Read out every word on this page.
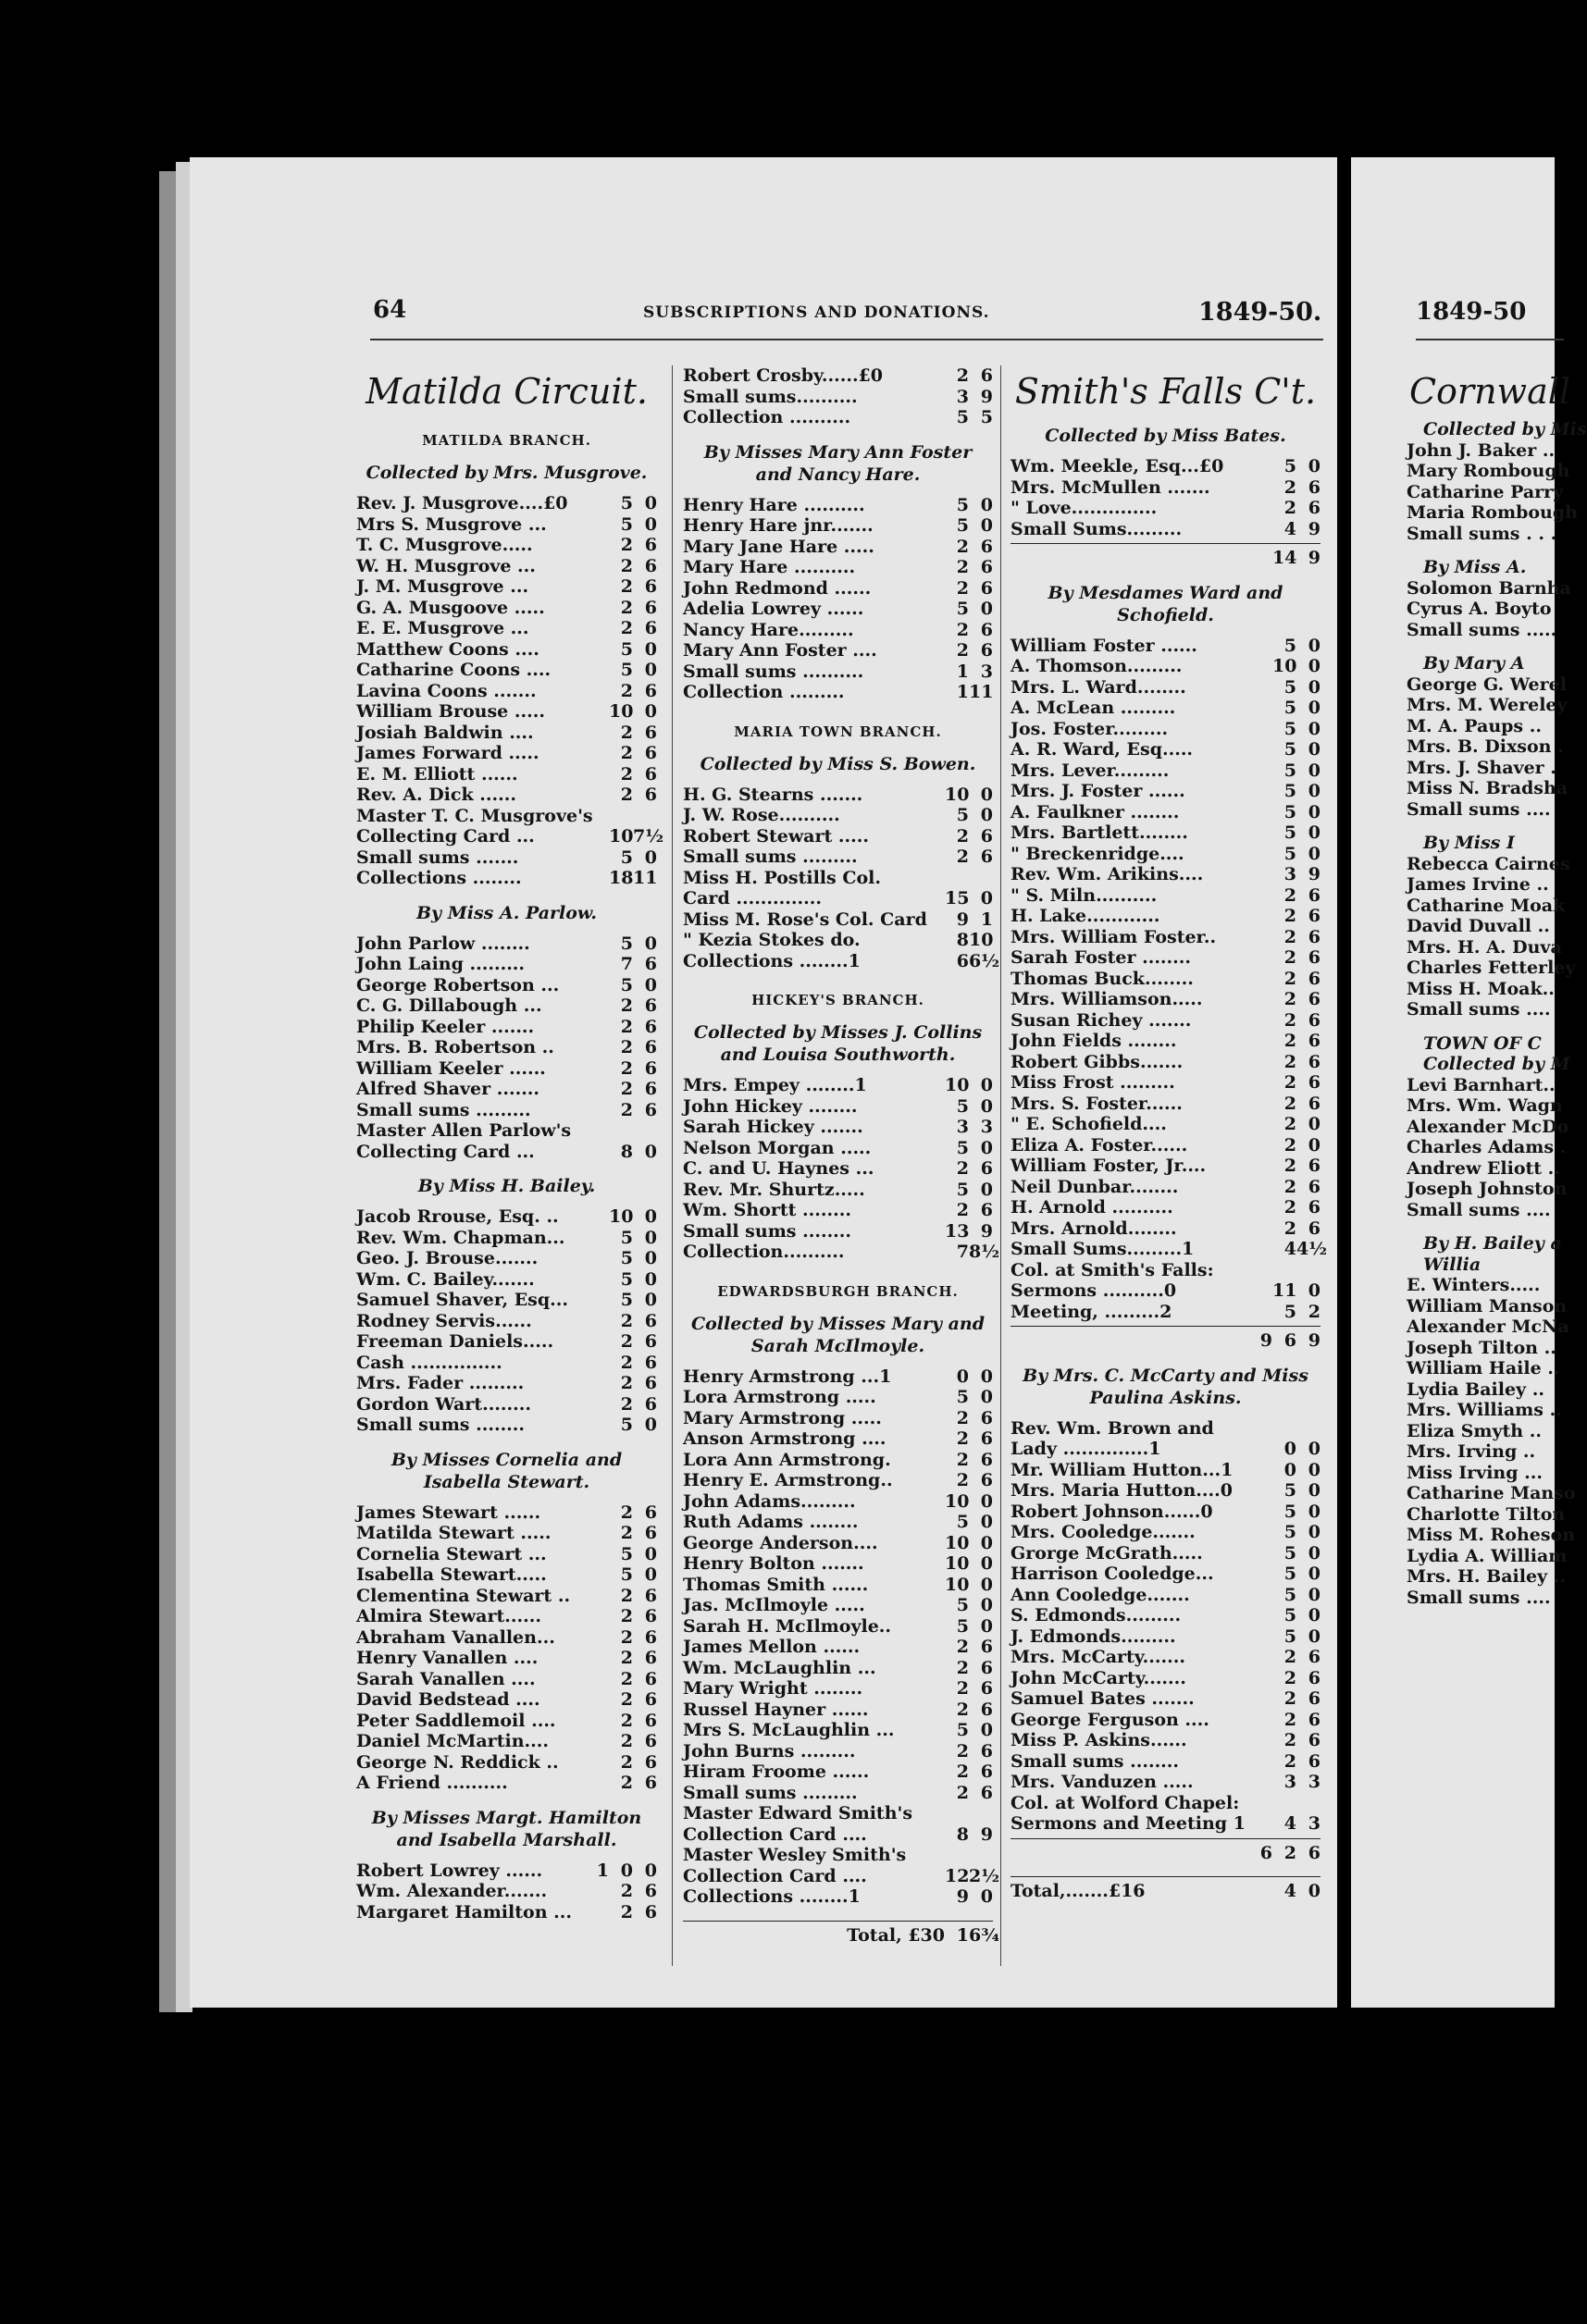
64	SUBSCRIPTIONS AND DONATIONS.	1849-50.
Matilda Circuit.
MATILDA BRANCH.
Collected by Mrs. Musgrove.
Rev. J. Musgrove....£0	5 0
Mrs S. Musgrove ...	5 0
T. C. Musgrove.....	2 6
W. H. Musgrove ...	2 6
J. M. Musgrove ...	2 6
G. A. Musgoove .....	2 6
E. E. Musgrove ...	2 6
Matthew Coons ....	5 0
Catharine Coons ....	5 0
Lavina Coons .......	2 6
William Brouse .....	10 0
Josiah Baldwin ....	2 6
James Forward .....	2 6
E. M. Elliott ......	2 6
Rev. A. Dick ......	2 6
Master T. C. Musgrove's
Collecting Card ...	10 7½
Small sums .......	5 0
Collections ........	18 11
By Miss A. Parlow.
John Parlow ........	5 0
John Laing .........	7 6
George Robertson ...	5 0
C. G. Dillabough ...	2 6
Philip Keeler .......	2 6
Mrs. B. Robertson ..	2 6
William Keeler ......	2 6
Alfred Shaver .......	2 6
Small sums .........	2 6
Master Allen Parlow's
Collecting Card ...	8 0
By Miss H. Bailey.
Jacob Rrouse, Esq. ..	10 0
Rev. Wm. Chapman...	5 0
Geo. J. Brouse.......	5 0
Wm. C. Bailey.......	5 0
Samuel Shaver, Esq...	5 0
Rodney Servis......	2 6
Freeman Daniels.....	2 6
Cash ...............	2 6
Mrs. Fader .........	2 6
Gordon Wart........	2 6
Small sums ........	5 0
By Misses Cornelia and Isabella Stewart.
James Stewart ......	2 6
Matilda Stewart .....	2 6
Cornelia Stewart ...	5 0
Isabella Stewart.....	5 0
Clementina Stewart ..	2 6
Almira Stewart......	2 6
Abraham Vanallen...	2 6
Henry Vanallen ....	2 6
Sarah Vanallen ....	2 6
David Bedstead ....	2 6
Peter Saddlemoil ....	2 6
Daniel McMartin....	2 6
George N. Reddick ..	2 6
A Friend ..........	2 6
By Misses Margt. Hamilton and Isabella Marshall.
Robert Lowrey ......	1 0 0
Wm. Alexander.......	2 6
Margaret Hamilton ...	2 6
Robert Crosby......£0	2 6
Small sums..........	3 9
Collection ..........	5 5
By Misses Mary Ann Foster and Nancy Hare.
Henry Hare ..........	5 0
Henry Hare jnr.......	5 0
Mary Jane Hare .....	2 6
Mary Hare ..........	2 6
John Redmond ......	2 6
Adelia Lowrey ......	5 0
Nancy Hare.........	2 6
Mary Ann Foster ....	2 6
Small sums ..........	1 3
Collection .........	1 11
MARIA TOWN BRANCH.
Collected by Miss S. Bowen.
H. G. Stearns .......	10 0
J. W. Rose..........	5 0
Robert Stewart .....	2 6
Small sums .........	2 6
Miss H. Postills Col.
Card ..............	15 0
Miss M. Rose's Col. Card	9 1
" Kezia Stokes do.	8 10
Collections ........1	6 6½
HICKEY'S BRANCH.
Collected by Misses J. Collins and Louisa Southworth.
Mrs. Empey ........1	10 0
John Hickey ........	5 0
Sarah Hickey .......	3 3
Nelson Morgan .....	5 0
C. and U. Haynes ...	2 6
Rev. Mr. Shurtz.....	5 0
Wm. Shortt ........	2 6
Small sums ........	13 9
Collection..........	7 8½
EDWARDSBURGH BRANCH.
Collected by Misses Mary and Sarah McIlmoyle.
Henry Armstrong ...1	0 0
Lora Armstrong .....	5 0
Mary Armstrong .....	2 6
Anson Armstrong ....	2 6
Lora Ann Armstrong.	2 6
Henry E. Armstrong..	2 6
John Adams.........	10 0
Ruth Adams ........	5 0
George Anderson....	10 0
Henry Bolton .......	10 0
Thomas Smith ......	10 0
Jas. McIlmoyle .....	5 0
Sarah H. McIlmoyle..	5 0
James Mellon ......	2 6
Wm. McLaughlin ...	2 6
Mary Wright ........	2 6
Russel Hayner ......	2 6
Mrs S. McLaughlin ...	5 0
John Burns .........	2 6
Hiram Froome ......	2 6
Small sums .........	2 6
Master Edward Smith's
Collection Card ....	8 9
Master Wesley Smith's
Collection Card ....	12 2½
Collections ........1	9 0
Total, £30 1 6¾
Smith's Falls C't.
Collected by Miss Bates.
Wm. Meekle, Esq...£0	5 0
Mrs. McMullen .......	2 6
" Love..............	2 6
Small Sums.........	4 9
14 9
By Mesdames Ward and Schofield.
William Foster ......	5 0
A. Thomson.........	10 0
Mrs. L. Ward........	5 0
A. McLean .........	5 0
Jos. Foster.........	5 0
A. R. Ward, Esq.....	5 0
Mrs. Lever.........	5 0
Mrs. J. Foster ......	5 0
A. Faulkner ........	5 0
Mrs. Bartlett........	5 0
" Breckenridge....	5 0
Rev. Wm. Arikins....	3 9
" S. Miln..........	2 6
H. Lake............	2 6
Mrs. William Foster..	2 6
Sarah Foster ........	2 6
Thomas Buck........	2 6
Mrs. Williamson.....	2 6
Susan Richey .......	2 6
John Fields ........	2 6
Robert Gibbs.......	2 6
Miss Frost .........	2 6
Mrs. S. Foster......	2 6
" E. Schofield....	2 0
Eliza A. Foster......	2 0
William Foster, Jr....	2 6
Neil Dunbar........	2 6
H. Arnold ..........	2 6
Mrs. Arnold........	2 6
Small Sums.........1	4 4½
Col. at Smith's Falls:
Sermons ..........0	11 0
Meeting, .........2	5 2
9 6 9
By Mrs. C. McCarty and Miss Paulina Askins.
Rev. Wm. Brown and
Lady ..............1	0 0
Mr. William Hutton...1	0 0
Mrs. Maria Hutton....0	5 0
Robert Johnson......0	5 0
Mrs. Cooledge.......	5 0
Grorge McGrath.....	5 0
Harrison Cooledge...	5 0
Ann Cooledge.......	5 0
S. Edmonds.........	5 0
J. Edmonds.........	5 0
Mrs. McCarty.......	2 6
John McCarty.......	2 6
Samuel Bates .......	2 6
George Ferguson ....	2 6
Miss P. Askins......	2 6
Small sums ........	2 6
Mrs. Vanduzen .....	3 3
Col. at Wolford Chapel:
Sermons and Meeting 1	4 3
6 2 6
Total,.......£16	4 0
1849-50
Cornwall
Collected by Mis
John J. Baker ..
Mary Rombough
Catharine Parry
Maria Rombough
Small sums . . .
By Miss A.
Solomon Barnha
Cyrus A. Boyto
Small sums .....
By Mary A
George G. Werel
Mrs. M. Wereley
M. A. Paups ..
Mrs. B. Dixson .
Mrs. J. Shaver .
Miss N. Bradsha
Small sums ....
By Miss I
Rebecca Cairnes
James Irvine ..
Catharine Moak
David Duvall ..
Mrs. H. A. Duva
Charles Fetterley
Miss H. Moak..
Small sums ....
TOWN OF C
Collected by M
Levi Barnhart..
Mrs. Wm. Wagn
Alexander McDo
Charles Adams .
Andrew Eliott ..
Joseph Johnston
Small sums ....
By H. Bailey a
Willia
E. Winters.....
William Manson
Alexander McNa
Joseph Tilton ..
William Haile ..
Lydia Bailey ..
Mrs. Williams ..
Eliza Smyth ..
Mrs. Irving ..
Miss Irving ...
Catharine Manso
Charlotte Tilton
Miss M. Roheson
Lydia A. William
Mrs. H. Bailey ..
Small sums ....
